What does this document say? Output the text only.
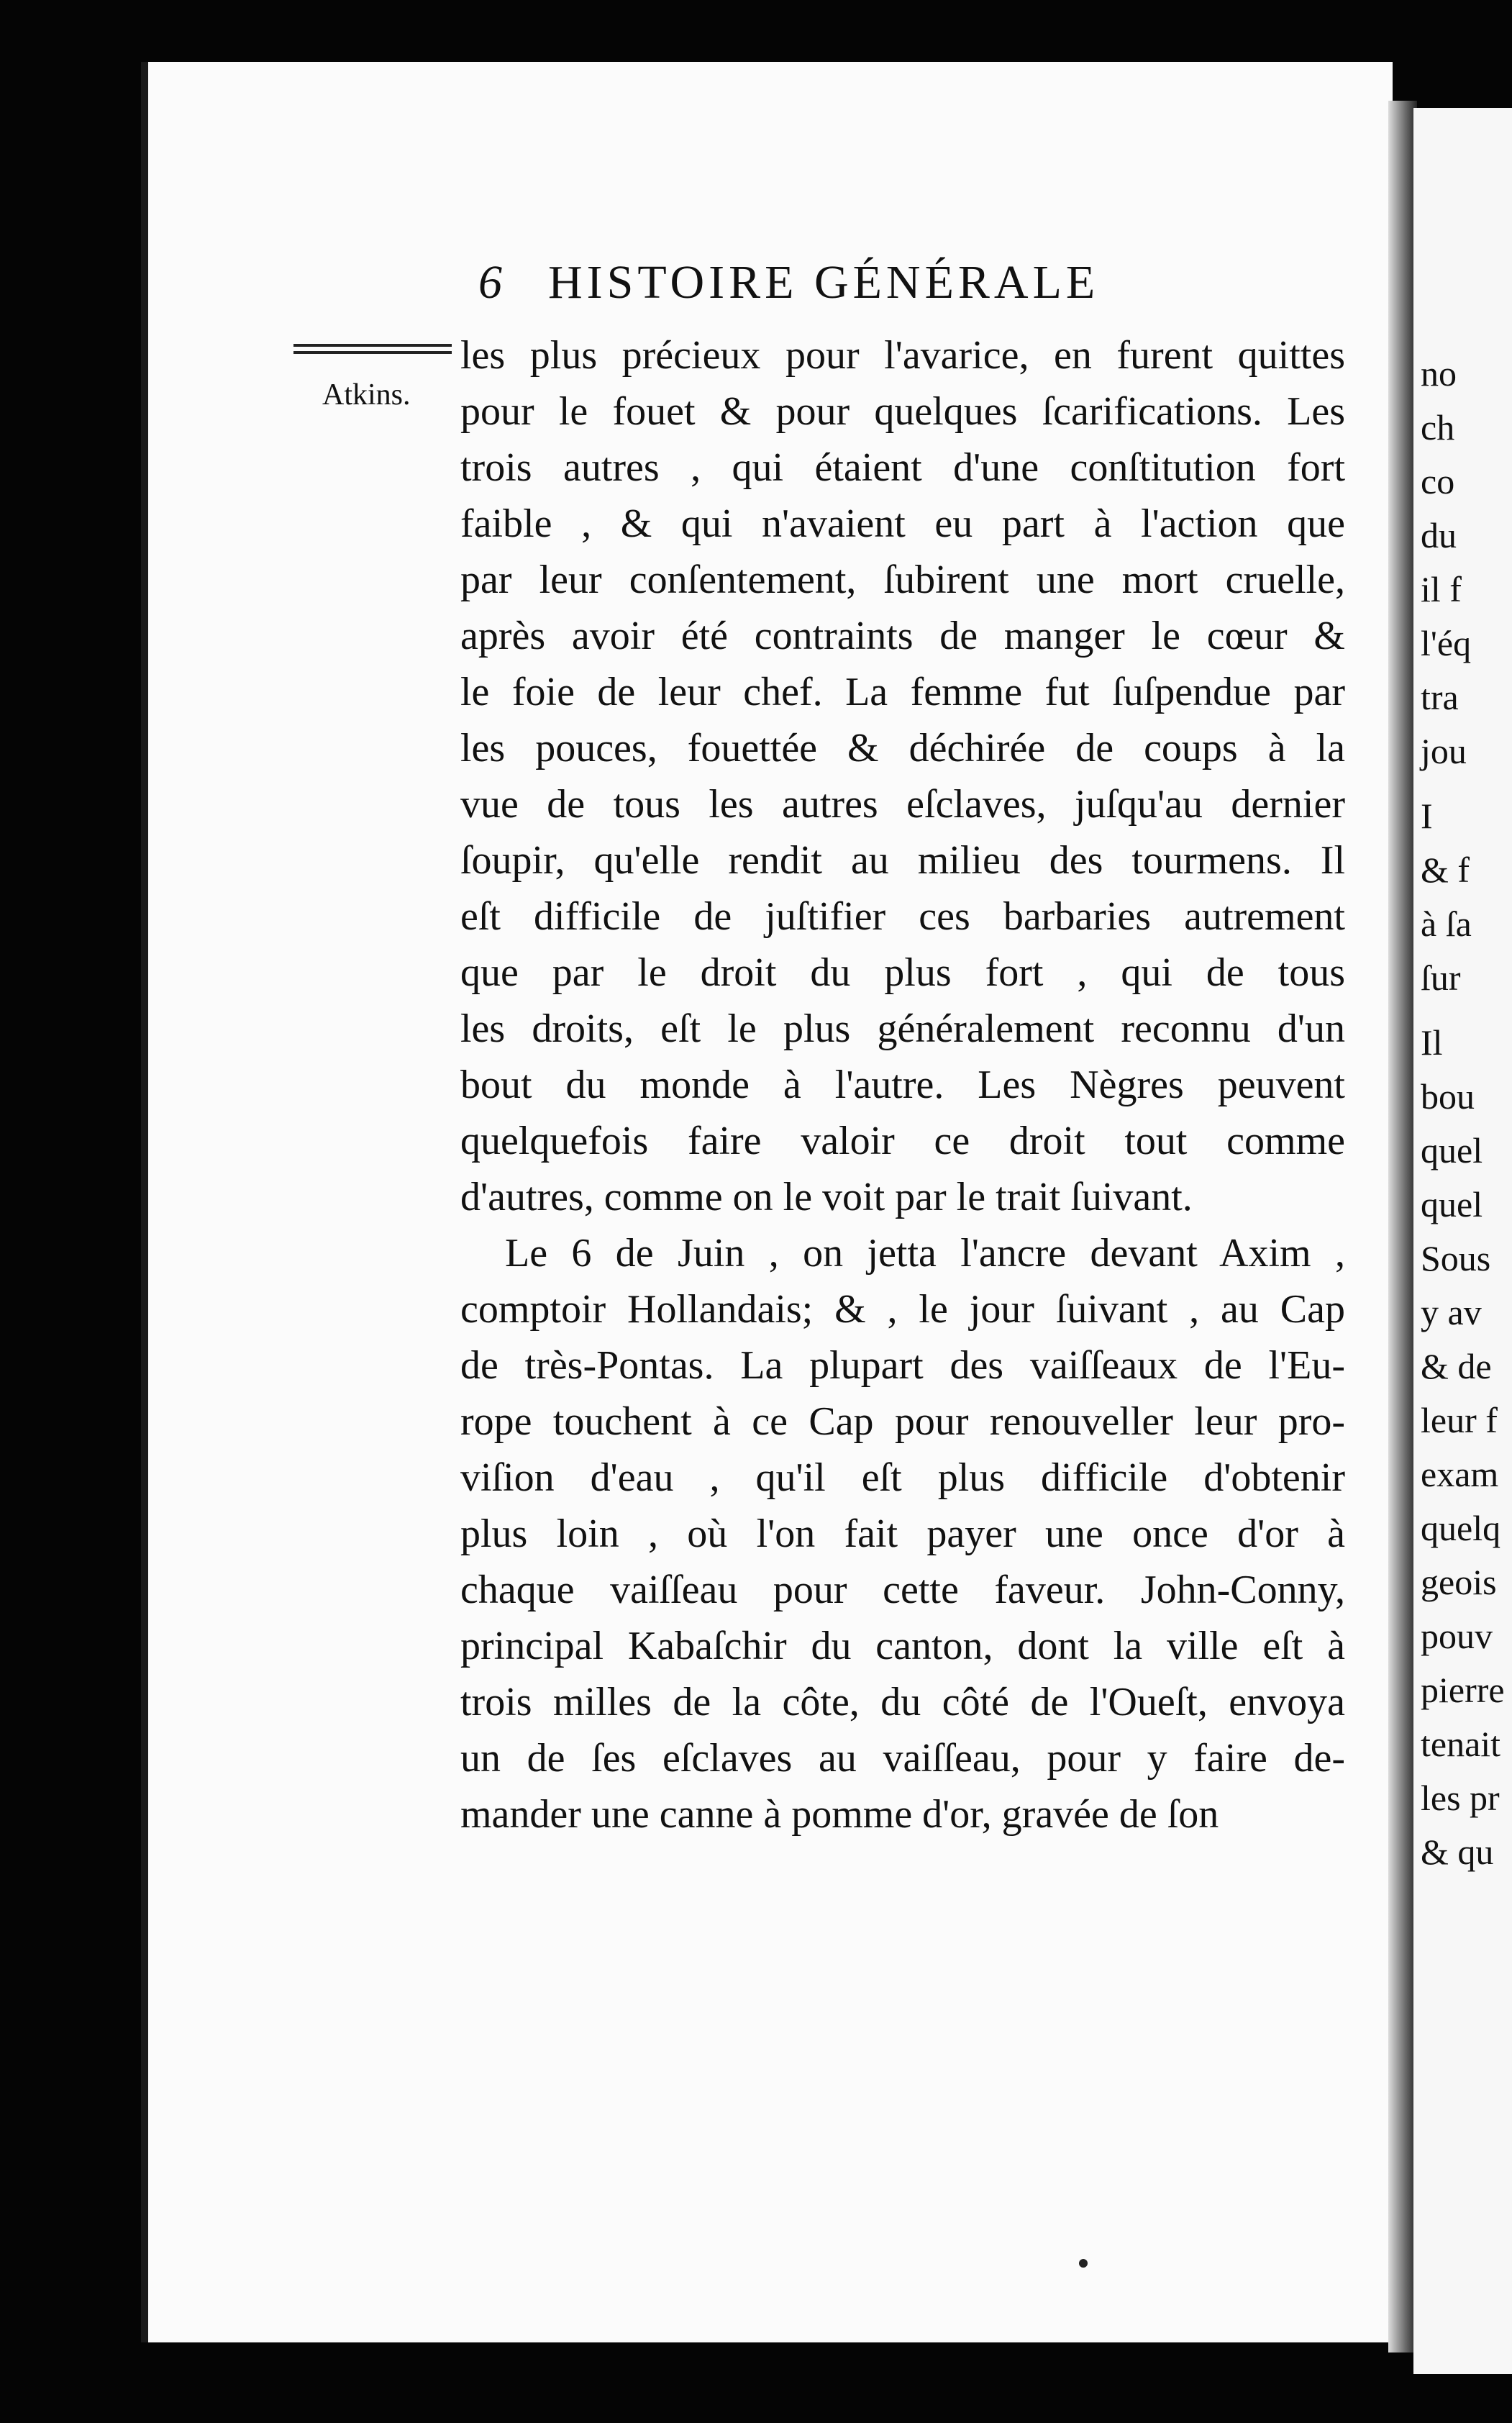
no
ch
co
du
il f
l'éq
tra
jou
I
& f
à ſa
ſur
Il
bou
quel
quel
Sous
y av
& de
leur f
exam
quelq
geois
pouv
pierre
tenait
les pr
& qu
6 HISTOIRE GÉNÉRALE
Atkins.
les plus précieux pour l'avarice, en furent quittes
pour le fouet & pour quelques ſcarifications. Les
trois autres , qui étaient d'une conſtitution fort
faible , & qui n'avaient eu part à l'action que
par leur conſentement, ſubirent une mort cruelle,
après avoir été contraints de manger le cœur &
le foie de leur chef. La femme fut ſuſpendue par
les pouces, fouettée & déchirée de coups à la
vue de tous les autres eſclaves, juſqu'au dernier
ſoupir, qu'elle rendit au milieu des tourmens. Il
eſt difficile de juſtifier ces barbaries autrement
que par le droit du plus fort , qui de tous
les droits, eſt le plus généralement reconnu d'un
bout du monde à l'autre. Les Nègres peuvent
quelquefois faire valoir ce droit tout comme
d'autres, comme on le voit par le trait ſuivant.
Le 6 de Juin , on jetta l'ancre devant Axim ,
comptoir Hollandais; & , le jour ſuivant , au Cap
de très-Pontas. La plupart des vaiſſeaux de l'Eu-
rope touchent à ce Cap pour renouveller leur pro-
viſion d'eau , qu'il eſt plus difficile d'obtenir
plus loin , où l'on fait payer une once d'or à
chaque vaiſſeau pour cette faveur. John-Conny,
principal Kabaſchir du canton, dont la ville eſt à
trois milles de la côte, du côté de l'Oueſt, envoya
un de ſes eſclaves au vaiſſeau, pour y faire de-
mander une canne à pomme d'or, gravée de ſon
